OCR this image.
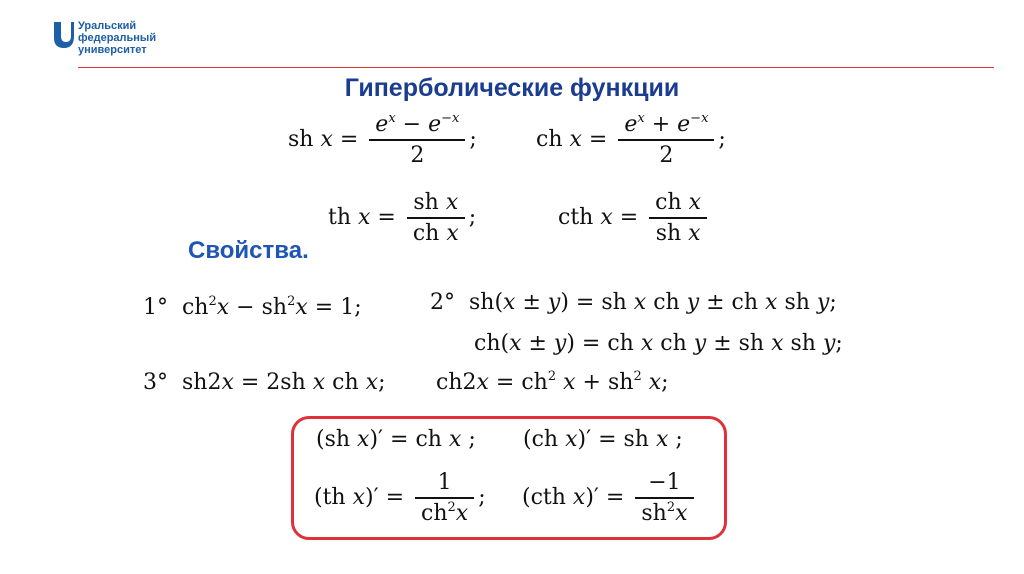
Уральский
федеральный
университет
Гиперболические функции
sh $x = \frac{e^x - e^{-x}}{2}$ ;	ch $x = \frac{e^x + e^{-x}}{2}$ ;
th $x = \frac{\text{sh x}}{\text{ch x}}$ ;	cth $x = \frac{\text{ch x}}{\text{sh x}}$
Свойства.
1°  $ch^2x - sh^2x = 1$;	2°  sh(x ± y) = sh x ch y ± ch x sh y;
ch(x ± y) = ch x ch y ± sh x sh y;
3°  sh2x = 2sh x ch x; $ch2x = ch^2$ $x + sh^2$ x;
(sh x)′ = ch x ; (ch x)′ = sh x ;
(th $x)' = \frac{1}{ch^2x}$ ; (cth $x)' = \frac{-1}{sh^2x}$
